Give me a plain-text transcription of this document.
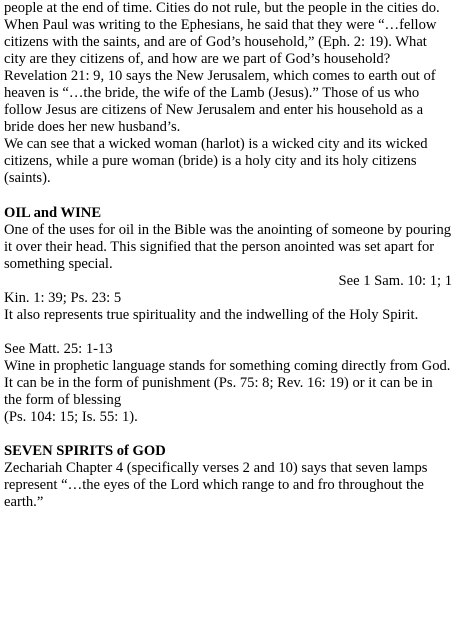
people at the end of time. Cities do not rule, but the people in the cities do.

When Paul was writing to the Ephesians, he said that they were “…fellow citizens with the saints, and are of God’s household,” (Eph. 2: 19). What city are they citizens of, and how are we part of God’s household? Revelation 21: 9, 10 says the New Jerusalem, which comes to earth out of heaven is “…the bride, the wife of the Lamb (Jesus).” Those of us who follow Jesus are citizens of New Jerusalem and enter his household as a bride does her new husband’s.

We can see that a wicked woman (harlot) is a wicked city and its wicked citizens, while a pure woman (bride) is a holy city and its holy citizens (saints).

OIL and WINE

One of the uses for oil in the Bible was the anointing of someone by pouring it over their head. This signified that the person anointed was set apart for something special.

See 1 Sam. 10: 1; 1

Kin. 1: 39; Ps. 23: 5

It also represents true spirituality and the indwelling of the Holy Spirit.

See Matt. 25: 1-13

Wine in prophetic language stands for something coming directly from God. It can be in the form of punishment (Ps. 75: 8; Rev. 16: 19) or it can be in the form of blessing

(Ps. 104: 15; Is. 55: 1).

SEVEN SPIRITS of GOD

Zechariah Chapter 4 (specifically verses 2 and 10) says that seven lamps represent “…the eyes of the Lord which range to and fro throughout the earth.”
